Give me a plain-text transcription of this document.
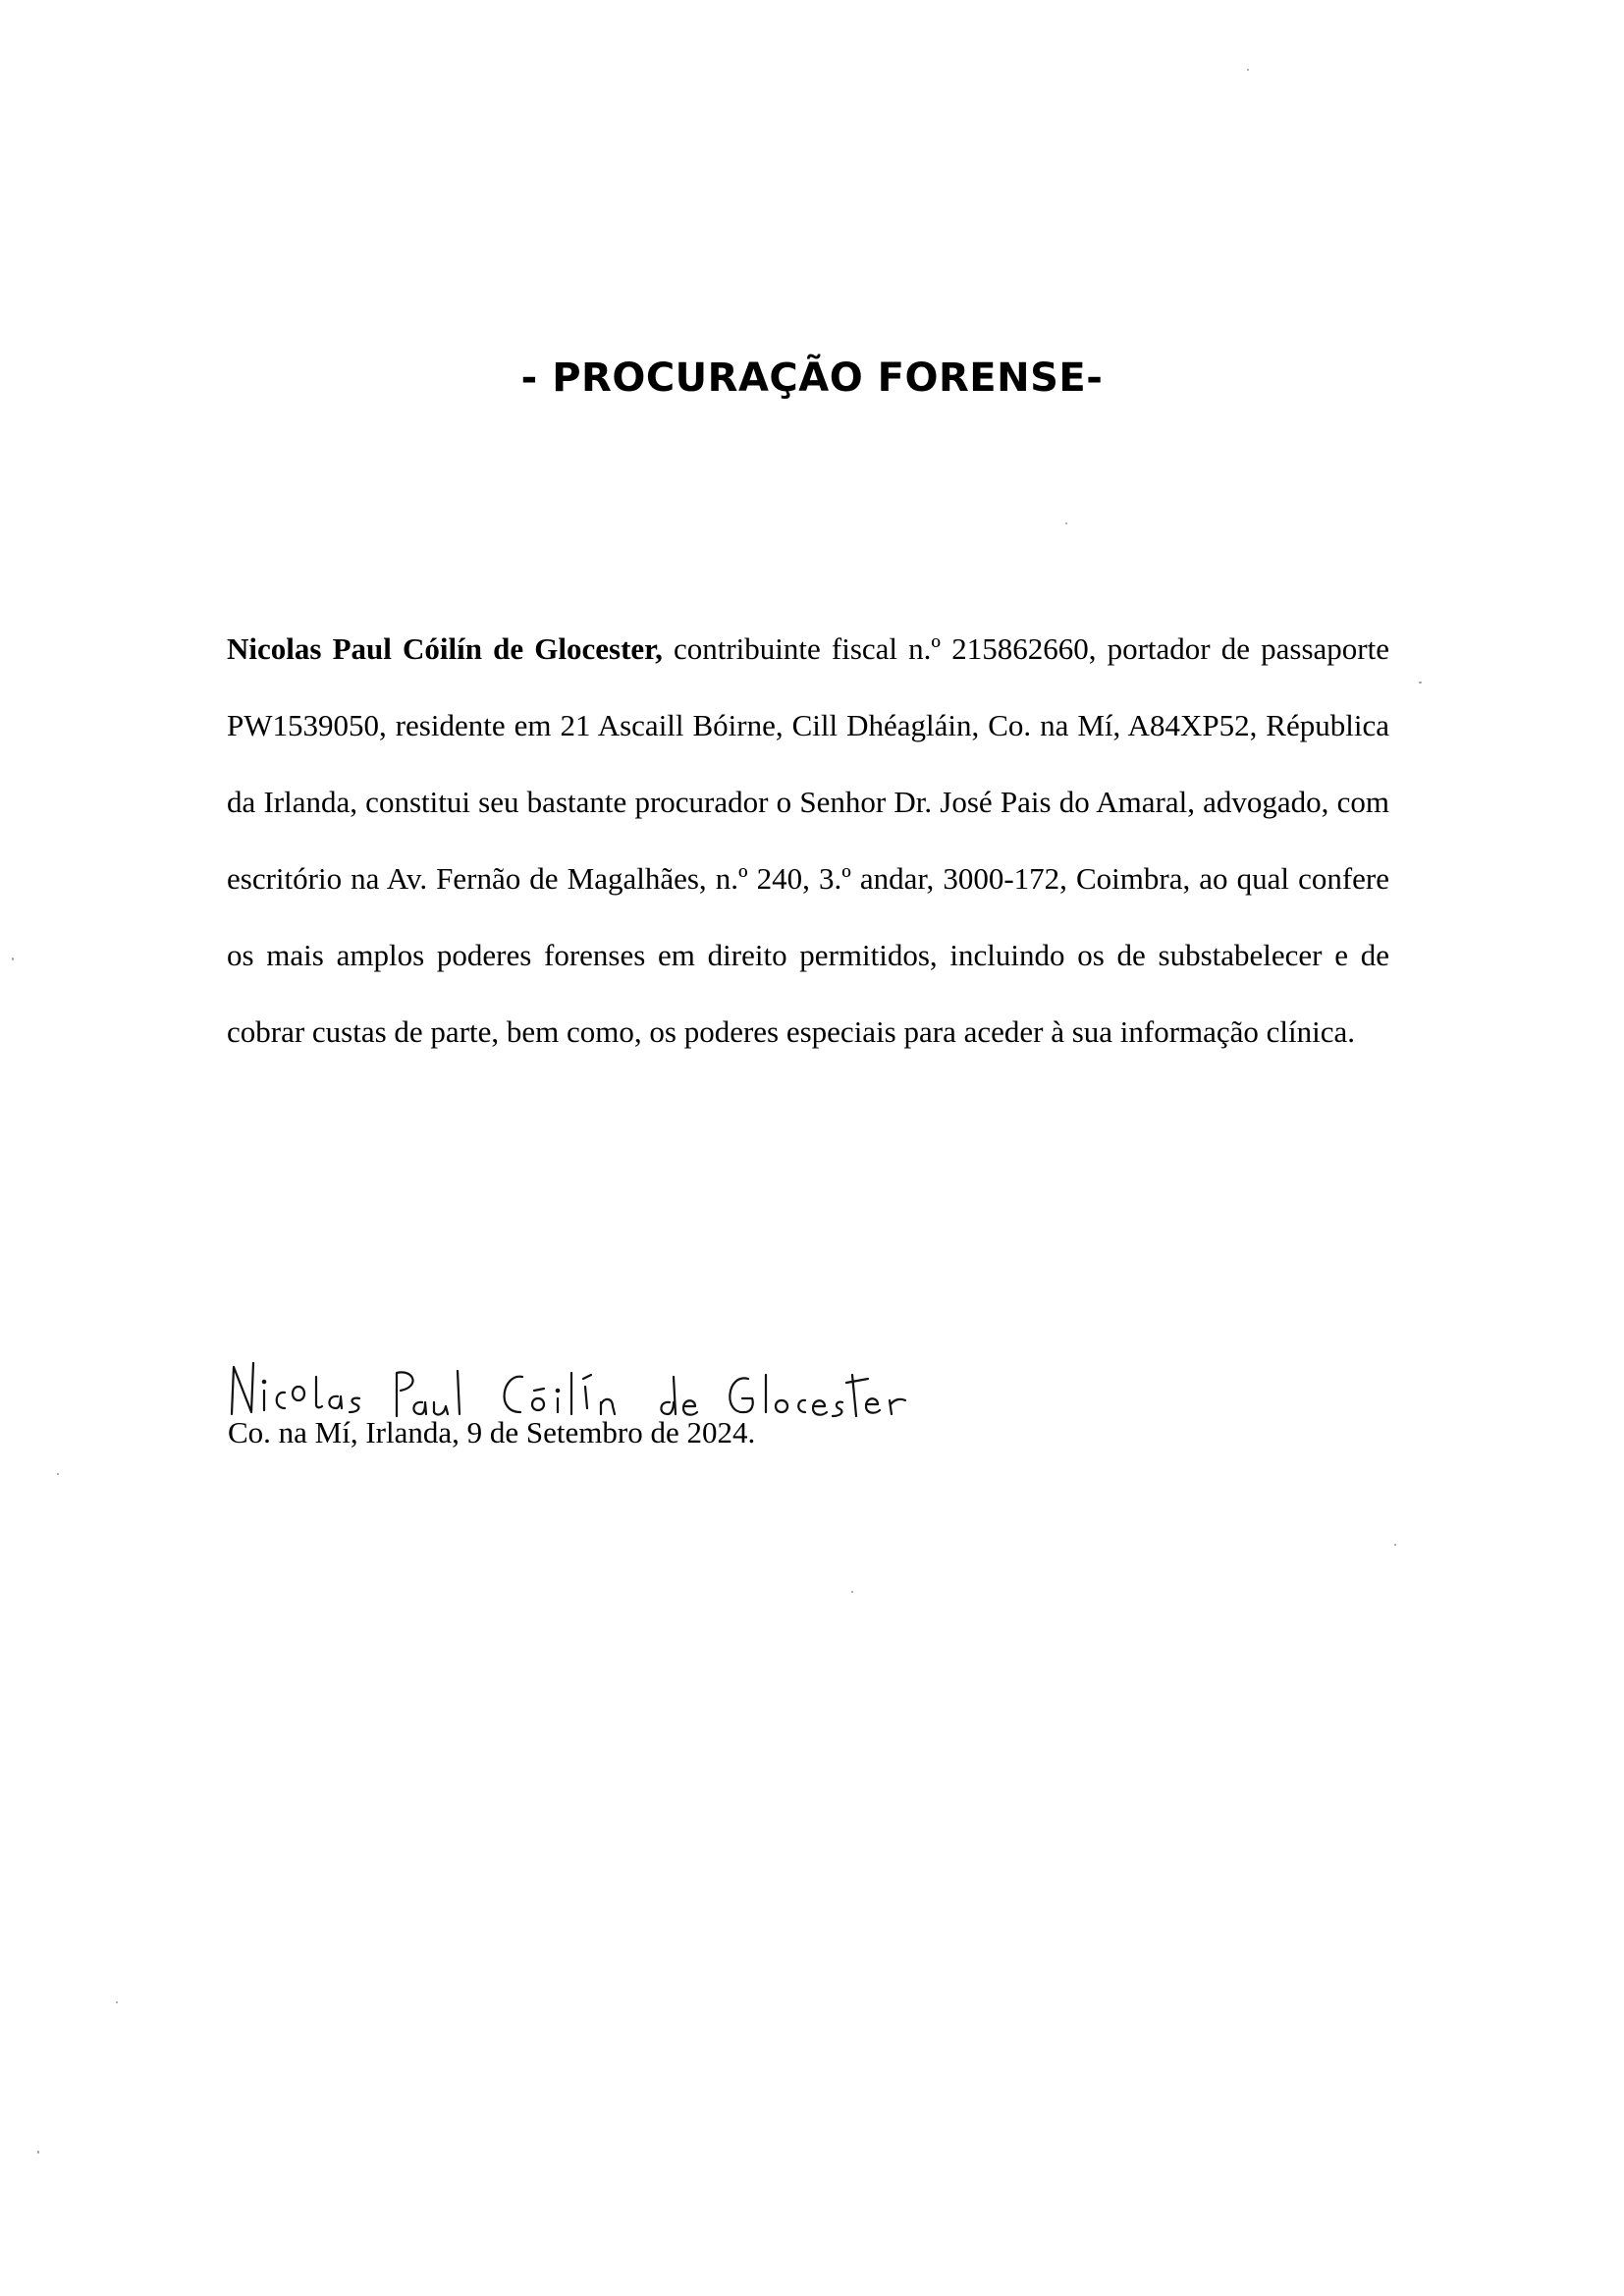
- PROCURAÇÃO FORENSE-
Nicolas Paul Cóilín de Glocester, contribuinte fiscal n.º 215862660, portador de passaporte PW1539050, residente em 21 Ascaill Bóirne, Cill Dhéagláin, Co. na Mí, A84XP52, Républica da Irlanda, constitui seu bastante procurador o Senhor Dr. José Pais do Amaral, advogado, com escritório na Av. Fernão de Magalhães, n.º 240, 3.º andar, 3000-172, Coimbra, ao qual confere os mais amplos poderes forenses em direito permitidos, incluindo os de substabelecer e de cobrar custas de parte, bem como, os poderes especiais para aceder à sua informação clínica.
Co. na Mí, Irlanda, 9 de Setembro de 2024.
